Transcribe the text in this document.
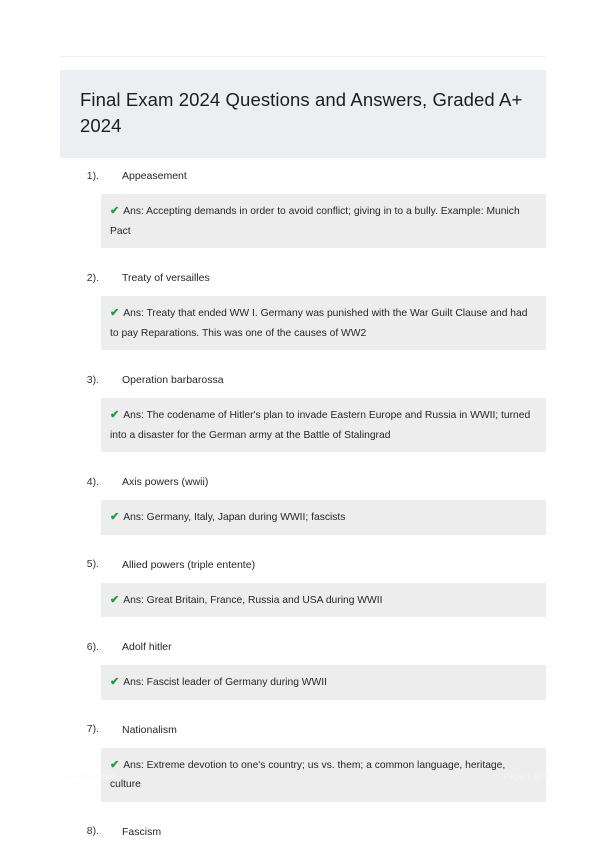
Final Exam 2024 Questions and Answers, Graded A+ 2024
1). Appeasement
✔ Ans: Accepting demands in order to avoid conflict; giving in to a bully. Example: Munich Pact
2). Treaty of versailles
✔ Ans: Treaty that ended WW I. Germany was punished with the War Guilt Clause and had to pay Reparations. This was one of the causes of WW2
3). Operation barbarossa
✔ Ans: The codename of Hitler's plan to invade Eastern Europe and Russia in WWII; turned into a disaster for the German army at the Battle of Stalingrad
4). Axis powers (wwii)
✔ Ans: Germany, Italy, Japan during WWII; fascists
5). Allied powers (triple entente)
✔ Ans: Great Britain, France, Russia and USA during WWII
6). Adolf hitler
✔ Ans: Fascist leader of Germany during WWII
7). Nationalism
✔ Ans: Extreme devotion to one's country; us vs. them; a common language, heritage, culture
8). Fascism
PaperStic.com	Page 1 of 6
